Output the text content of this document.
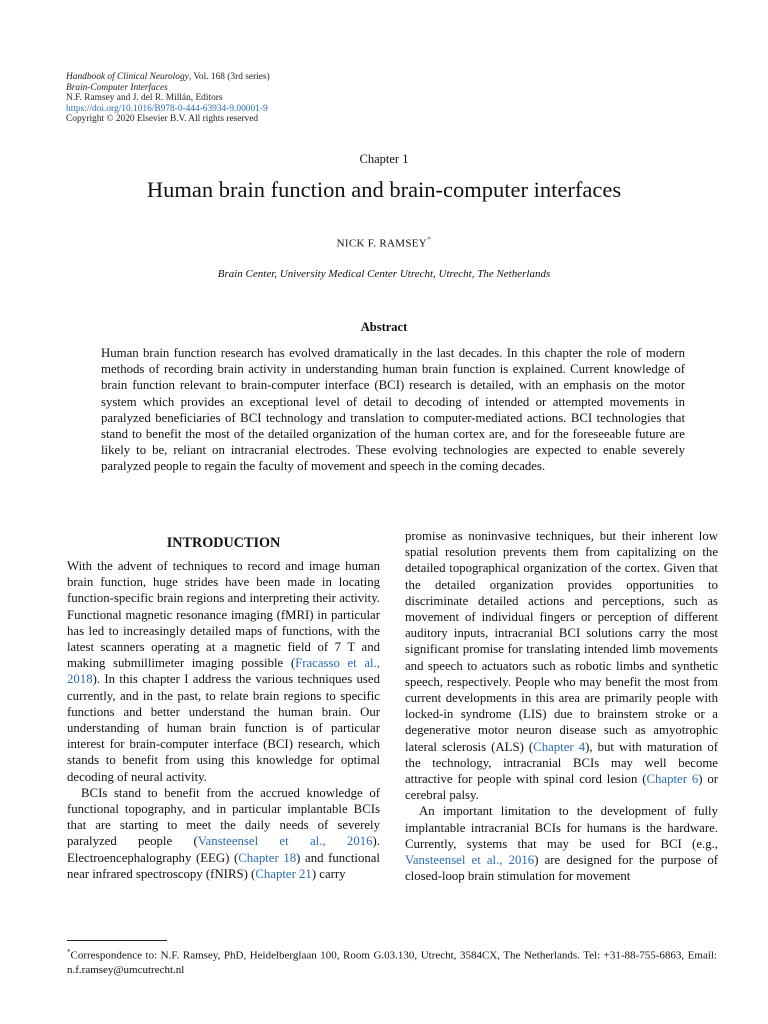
Handbook of Clinical Neurology, Vol. 168 (3rd series)
Brain-Computer Interfaces
N.F. Ramsey and J. del R. Millán, Editors
https://doi.org/10.1016/B978-0-444-63934-9.00001-9
Copyright © 2020 Elsevier B.V. All rights reserved
Chapter 1
Human brain function and brain-computer interfaces
NICK F. RAMSEY*
Brain Center, University Medical Center Utrecht, Utrecht, The Netherlands
Abstract
Human brain function research has evolved dramatically in the last decades. In this chapter the role of modern methods of recording brain activity in understanding human brain function is explained. Current knowledge of brain function relevant to brain-computer interface (BCI) research is detailed, with an emphasis on the motor system which provides an exceptional level of detail to decoding of intended or attempted movements in paralyzed beneficiaries of BCI technology and translation to computer-mediated actions. BCI technologies that stand to benefit the most of the detailed organization of the human cortex are, and for the foreseeable future are likely to be, reliant on intracranial electrodes. These evolving technologies are expected to enable severely paralyzed people to regain the faculty of movement and speech in the coming decades.
INTRODUCTION

With the advent of techniques to record and image human brain function, huge strides have been made in locating function-specific brain regions and interpreting their activity. Functional magnetic resonance imaging (fMRI) in particular has led to increasingly detailed maps of functions, with the latest scanners operating at a magnetic field of 7 T and making submillimeter imaging possible (Fracasso et al., 2018). In this chapter I address the various techniques used currently, and in the past, to relate brain regions to specific functions and better understand the human brain. Our understanding of human brain function is of particular interest for brain-computer interface (BCI) research, which stands to benefit from using this knowledge for optimal decoding of neural activity.

BCIs stand to benefit from the accrued knowledge of functional topography, and in particular implantable BCIs that are starting to meet the daily needs of severely paralyzed people (Vansteensel et al., 2016). Electroencephalography (EEG) (Chapter 18) and functional near infrared spectroscopy (fNIRS) (Chapter 21) carry

promise as noninvasive techniques, but their inherent low spatial resolution prevents them from capitalizing on the detailed topographical organization of the cortex. Given that the detailed organization provides opportunities to discriminate detailed actions and perceptions, such as movement of individual fingers or perception of different auditory inputs, intracranial BCI solutions carry the most significant promise for translating intended limb movements and speech to actuators such as robotic limbs and synthetic speech, respectively. People who may benefit the most from current developments in this area are primarily people with locked-in syndrome (LIS) due to brainstem stroke or a degenerative motor neuron disease such as amyotrophic lateral sclerosis (ALS) (Chapter 4), but with maturation of the technology, intracranial BCIs may well become attractive for people with spinal cord lesion (Chapter 6) or cerebral palsy.

An important limitation to the development of fully implantable intracranial BCIs for humans is the hardware. Currently, systems that may be used for BCI (e.g., Vansteensel et al., 2016) are designed for the purpose of closed-loop brain stimulation for movement

*Correspondence to: N.F. Ramsey, PhD, Heidelberglaan 100, Room G.03.130, Utrecht, 3584CX, The Netherlands. Tel: +31-88-755-6863, Email: n.f.ramsey@umcutrecht.nl
